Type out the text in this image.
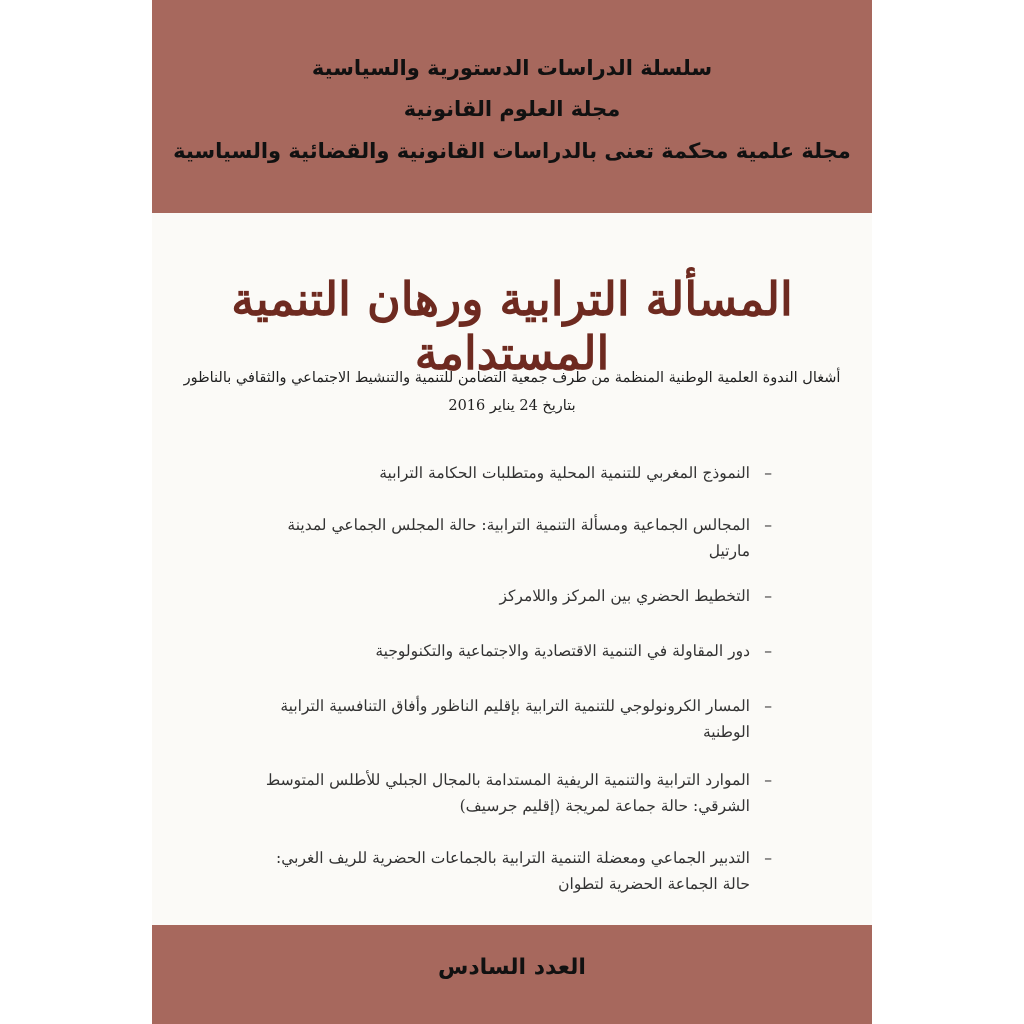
سلسلة الدراسات الدستورية والسياسية
مجلة العلوم القانونية
مجلة علمية محكمة تعنى بالدراسات القانونية والقضائية والسياسية
المسألة الترابية ورهان التنمية المستدامة
أشغال الندوة العلمية الوطنية المنظمة من طرف جمعية التضامن للتنمية والتنشيط الاجتماعي والثقافي بالناظور
بتاريخ 24 يناير 2016
–
النموذج المغربي للتنمية المحلية ومتطلبات الحكامة الترابية
–
المجالس الجماعية ومسألة التنمية الترابية: حالة المجلس الجماعي لمدينة مارتيل
–
التخطيط الحضري بين المركز واللامركز
–
دور المقاولة في التنمية الاقتصادية والاجتماعية والتكنولوجية
–
المسار الكرونولوجي للتنمية الترابية بإقليم الناظور وأفاق التنافسية الترابية الوطنية
–
الموارد الترابية والتنمية الريفية المستدامة بالمجال الجبلي للأطلس المتوسط الشرقي: حالة جماعة لمريجة (إقليم جرسيف)
–
التدبير الجماعي ومعضلة التنمية الترابية بالجماعات الحضرية للريف الغربي: حالة الجماعة الحضرية لتطوان
العدد السادس
